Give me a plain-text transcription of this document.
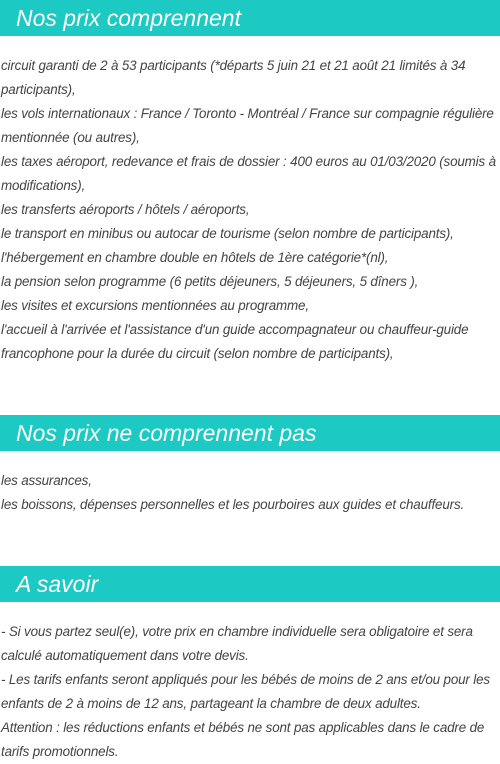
Nos prix comprennent
circuit garanti de 2 à 53 participants (*départs 5 juin 21 et 21 août 21 limités à 34 participants),
les vols internationaux : France / Toronto - Montréal / France sur compagnie régulière mentionnée (ou autres),
les taxes aéroport, redevance et frais de dossier : 400 euros au 01/03/2020 (soumis à modifications),
les transferts aéroports / hôtels / aéroports,
le transport en minibus ou autocar de tourisme (selon nombre de participants),
l'hébergement en chambre double en hôtels de 1ère catégorie*(nl),
la pension selon programme (6 petits déjeuners, 5 déjeuners, 5 dîners ),
les visites et excursions mentionnées au programme,
l'accueil à l'arrivée et l'assistance d'un guide accompagnateur ou chauffeur-guide francophone pour la durée du circuit (selon nombre de participants),
Nos prix ne comprennent pas
les assurances,
les boissons, dépenses personnelles et les pourboires aux guides et chauffeurs.
A savoir
- Si vous partez seul(e), votre prix en chambre individuelle sera obligatoire et sera calculé automatiquement dans votre devis.
- Les tarifs enfants seront appliqués pour les bébés de moins de 2 ans et/ou pour les enfants de 2 à moins de 12 ans, partageant la chambre de deux adultes.
Attention : les réductions enfants et bébés ne sont pas applicables dans le cadre de tarifs promotionnels.
